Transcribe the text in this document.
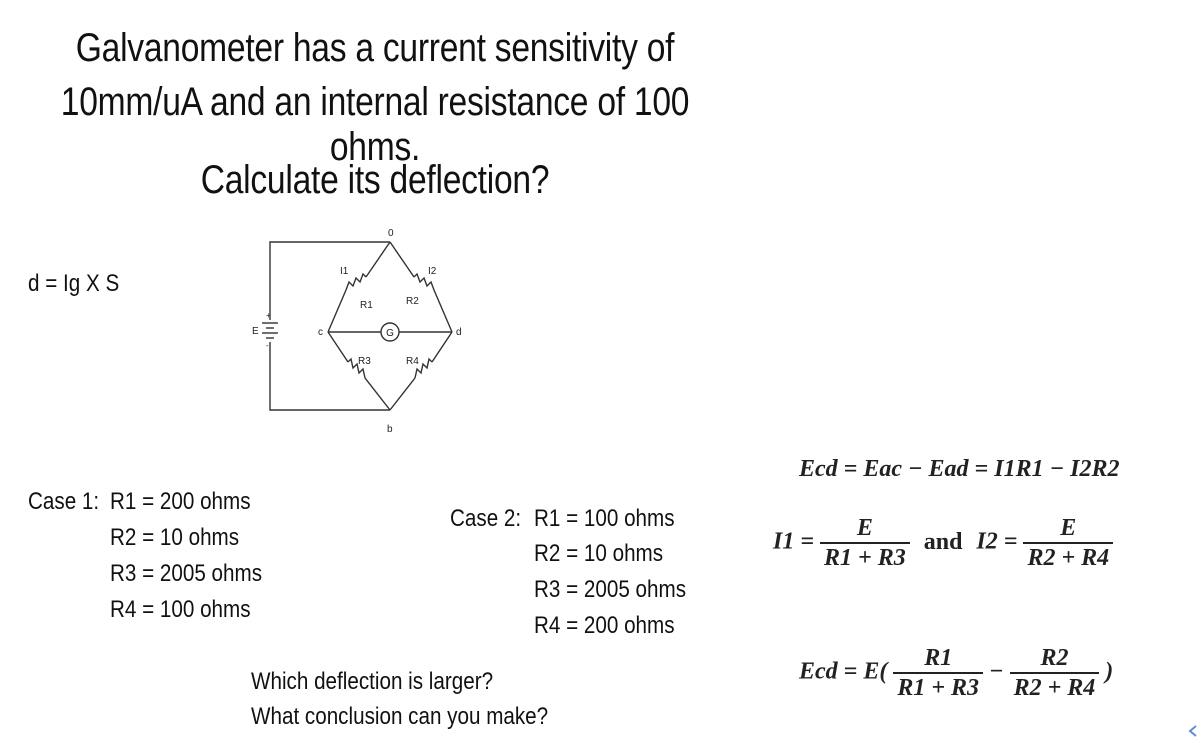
Galvanometer has a current sensitivity of
10mm/uA and an internal resistance of 100 ohms.
Calculate its deflection?
d = Ig X S
G
0
c	d
b
E
+
-
R1	R2
R3	R4
I1	I2
Case 1: R1 = 200 ohms
R2 = 10 ohms
R3 = 2005 ohms
R4 = 100 ohms
Case 2: R1 = 100 ohms
R2 = 10 ohms
R3 = 2005 ohms
R4 = 200 ohms
Which deflection is larger?
What conclusion can you make?
Ecd = Eac − Ead = I1R1 − I2R2
$I1 = \frac{E}{R1 + R3}$ and $I2 = \frac{E}{R2 + R4}$
Ecd = $E( \frac{R1}{R1 + R3} - \frac{R2}{R2 + R4}$ )
